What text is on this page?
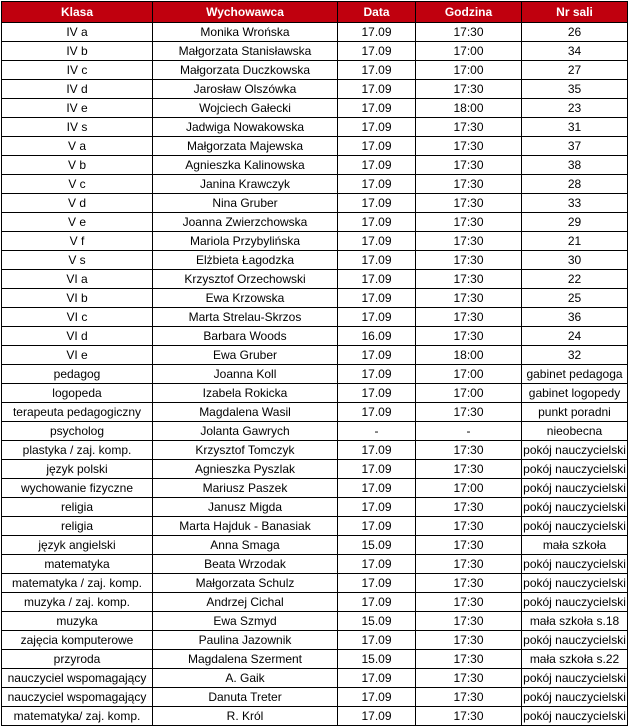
Klasa	Wychowawca	Data	Godzina	Nr sali
IV a	Monika Wrońska	17.09	17:30	26
IV b	Małgorzata Stanisławska	17.09	17:00	34
IV c	Małgorzata Duczkowska	17.09	17:00	27
IV d	Jarosław Olszówka	17.09	17:30	35
IV e	Wojciech Gałecki	17.09	18:00	23
IV s	Jadwiga Nowakowska	17.09	17:30	31
V a	Małgorzata Majewska	17.09	17:30	37
V b	Agnieszka Kalinowska	17.09	17:30	38
V c	Janina Krawczyk	17.09	17:30	28
V d	Nina Gruber	17.09	17:30	33
V e	Joanna Zwierzchowska	17.09	17:30	29
V f	Mariola Przybylińska	17.09	17:30	21
V s	Elżbieta Łagodzka	17.09	17:30	30
VI a	Krzysztof Orzechowski	17.09	17:30	22
VI b	Ewa Krzowska	17.09	17:30	25
VI c	Marta Strelau-Skrzos	17.09	17:30	36
VI d	Barbara Woods	16.09	17:30	24
VI e	Ewa Gruber	17.09	18:00	32
pedagog	Joanna Koll	17.09	17:00	gabinet pedagoga
logopeda	Izabela Rokicka	17.09	17:00	gabinet logopedy
terapeuta pedagogiczny	Magdalena Wasil	17.09	17:30	punkt poradni
psycholog	Jolanta Gawrych	-	-	nieobecna
plastyka / zaj. komp.	Krzysztof Tomczyk	17.09	17:30	pokój nauczycielski
język polski	Agnieszka Pyszlak	17.09	17:30	pokój nauczycielski
wychowanie fizyczne	Mariusz Paszek	17.09	17:00	pokój nauczycielski
religia	Janusz Migda	17.09	17:30	pokój nauczycielski
religia	Marta Hajduk - Banasiak	17.09	17:30	pokój nauczycielski
język angielski	Anna Smaga	15.09	17:30	mała szkoła
matematyka	Beata Wrzodak	17.09	17:30	pokój nauczycielski
matematyka / zaj. komp.	Małgorzata Schulz	17.09	17:30	pokój nauczycielski
muzyka / zaj. komp.	Andrzej Cichal	17.09	17:30	pokój nauczycielski
muzyka	Ewa Szmyd	15.09	17:30	mała szkoła s.18
zajęcia komputerowe	Paulina Jazownik	17.09	17:30	pokój nauczycielski
przyroda	Magdalena Szerment	15.09	17:30	mała szkoła s.22
nauczyciel wspomagający	A. Gaik	17.09	17:30	pokój nauczycielski
nauczyciel wspomagający	Danuta Treter	17.09	17:30	pokój nauczycielski
matematyka/ zaj. komp.	R. Król	17.09	17:30	pokój nauczycielski
